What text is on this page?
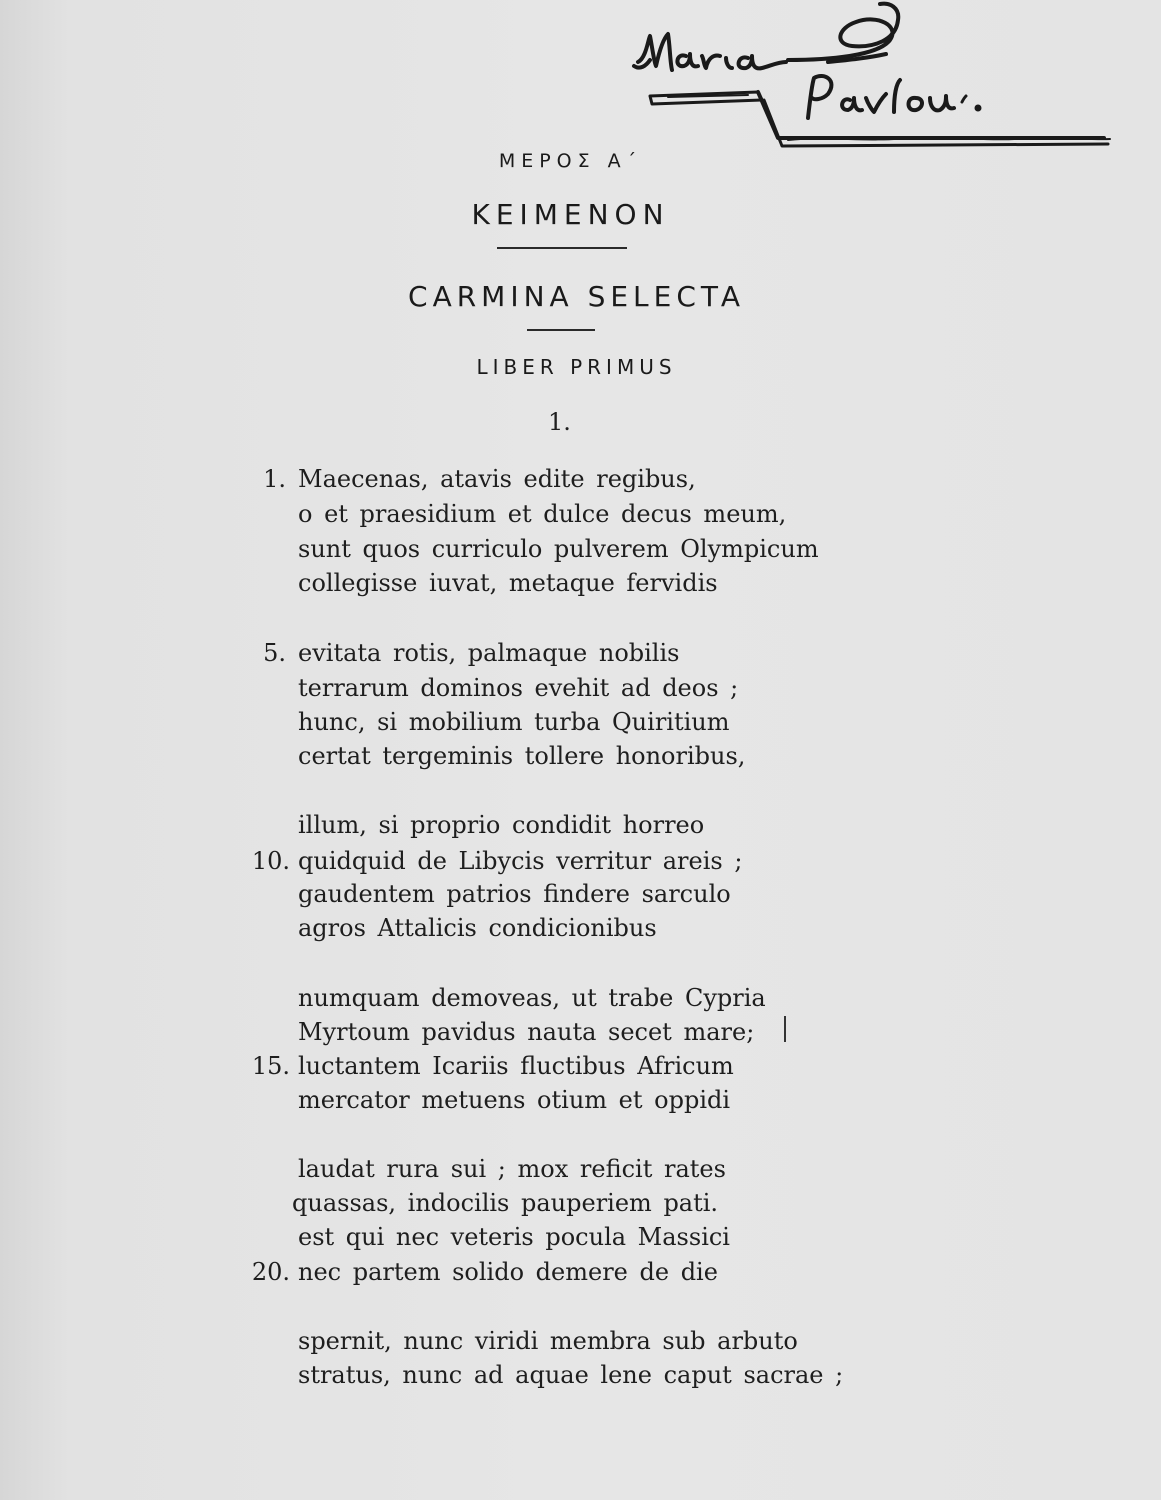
ΜΕΡΟΣ Α΄
ΚΕΙΜΕΝΟΝ
CARMINA SELECTA
LIBER PRIMUS
1.
1. Maecenas, atavis edite regibus,
o et praesidium et dulce decus meum,
sunt quos curriculo pulverem Olympicum
collegisse iuvat, metaque fervidis
5. evitata rotis, palmaque nobilis
terrarum dominos evehit ad deos ;
hunc, si mobilium turba Quiritium
certat tergeminis tollere honoribus,
illum, si proprio condidit horreo
10. quidquid de Libycis verritur areis ;
gaudentem patrios findere sarculo
agros Attalicis condicionibus
numquam demoveas, ut trabe Cypria
Myrtoum pavidus nauta secet mare;
15. luctantem Icariis fluctibus Africum
mercator metuens otium et oppidi
laudat rura sui ; mox reficit rates
quassas, indocilis pauperiem pati.
est qui nec veteris pocula Massici
20. nec partem solido demere de die
spernit, nunc viridi membra sub arbuto
stratus, nunc ad aquae lene caput sacrae ;
